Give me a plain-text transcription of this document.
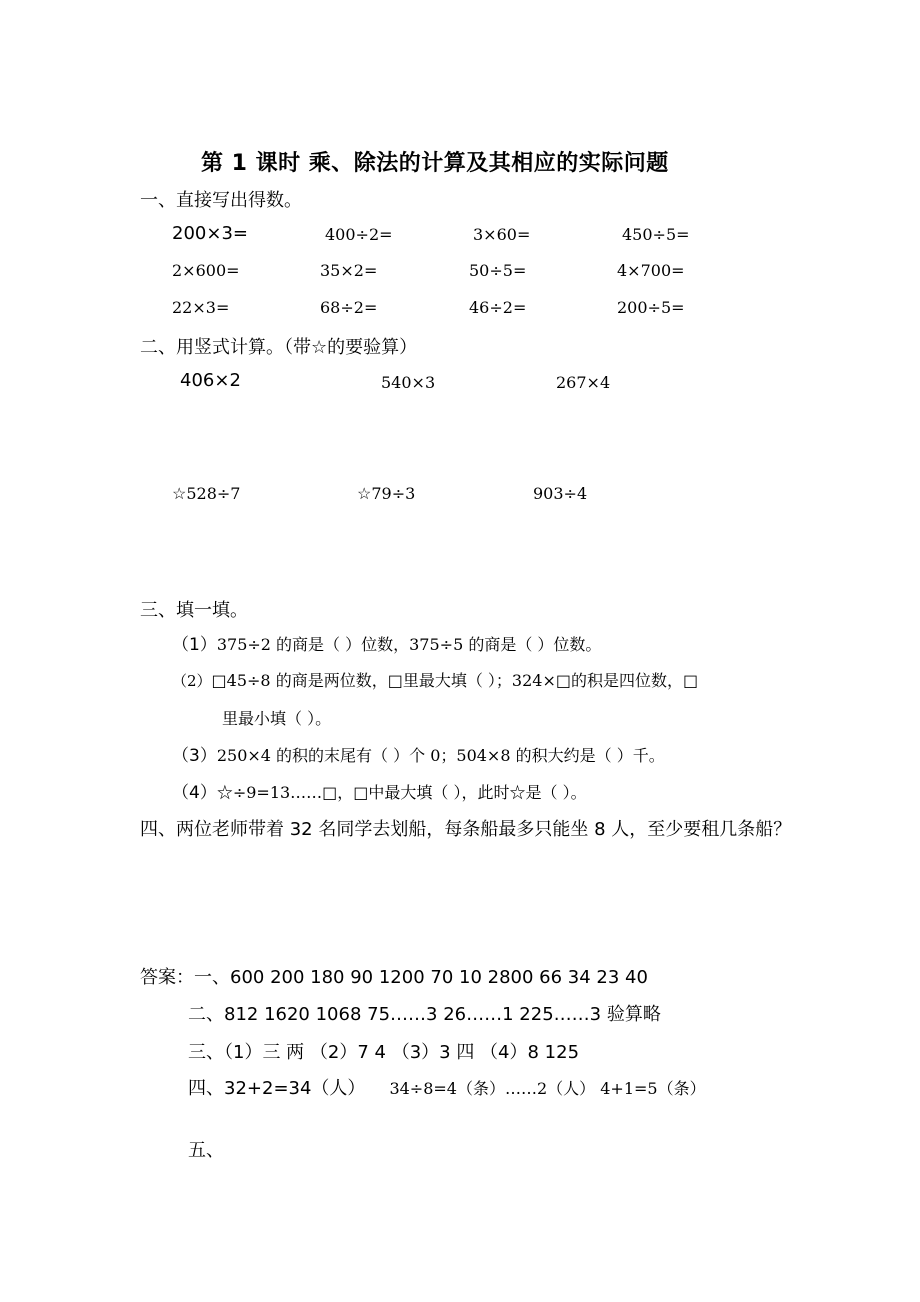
第 1 课时 乘、除法的计算及其相应的实际问题
一、直接写出得数。
200×3=	400÷2=	3×60=	450÷5=
2×600=	35×2=	50÷5=	4×700=
22×3=	68÷2=	46÷2=	200÷5=
二、用竖式计算。（带☆的要验算）
406×2	540×3	267×4
☆528÷7	☆79÷3	903÷4
三、填一填。
（1） 375÷2 的商是（ ）位数，375÷5 的商是（ ）位数。
（2） □45÷8 的商是两位数，□里最大填（ ）；324×□的积是四位数，□
里最小填（ ）。
（3） 250×4 的积的末尾有（ ）个 0；504×8 的积大约是（ ）千。
（4） ☆÷9=13……□，□中最大填（ ），此时☆是（ ）。
四、两位老师带着 32 名同学去划船，每条船最多只能坐 8 人，至少要租几条船？
答案：一、600 200 180 90 1200 70 10 2800 66 34 23 40
二、812 1620 1068 75……3 26……1 225……3 验算略
三、（1）三 两 （2）7 4 （3）3 四 （4）8 125
四、32+2=34（人） 34÷8=4（条）……2（人） 4+1=5（条）
五、
